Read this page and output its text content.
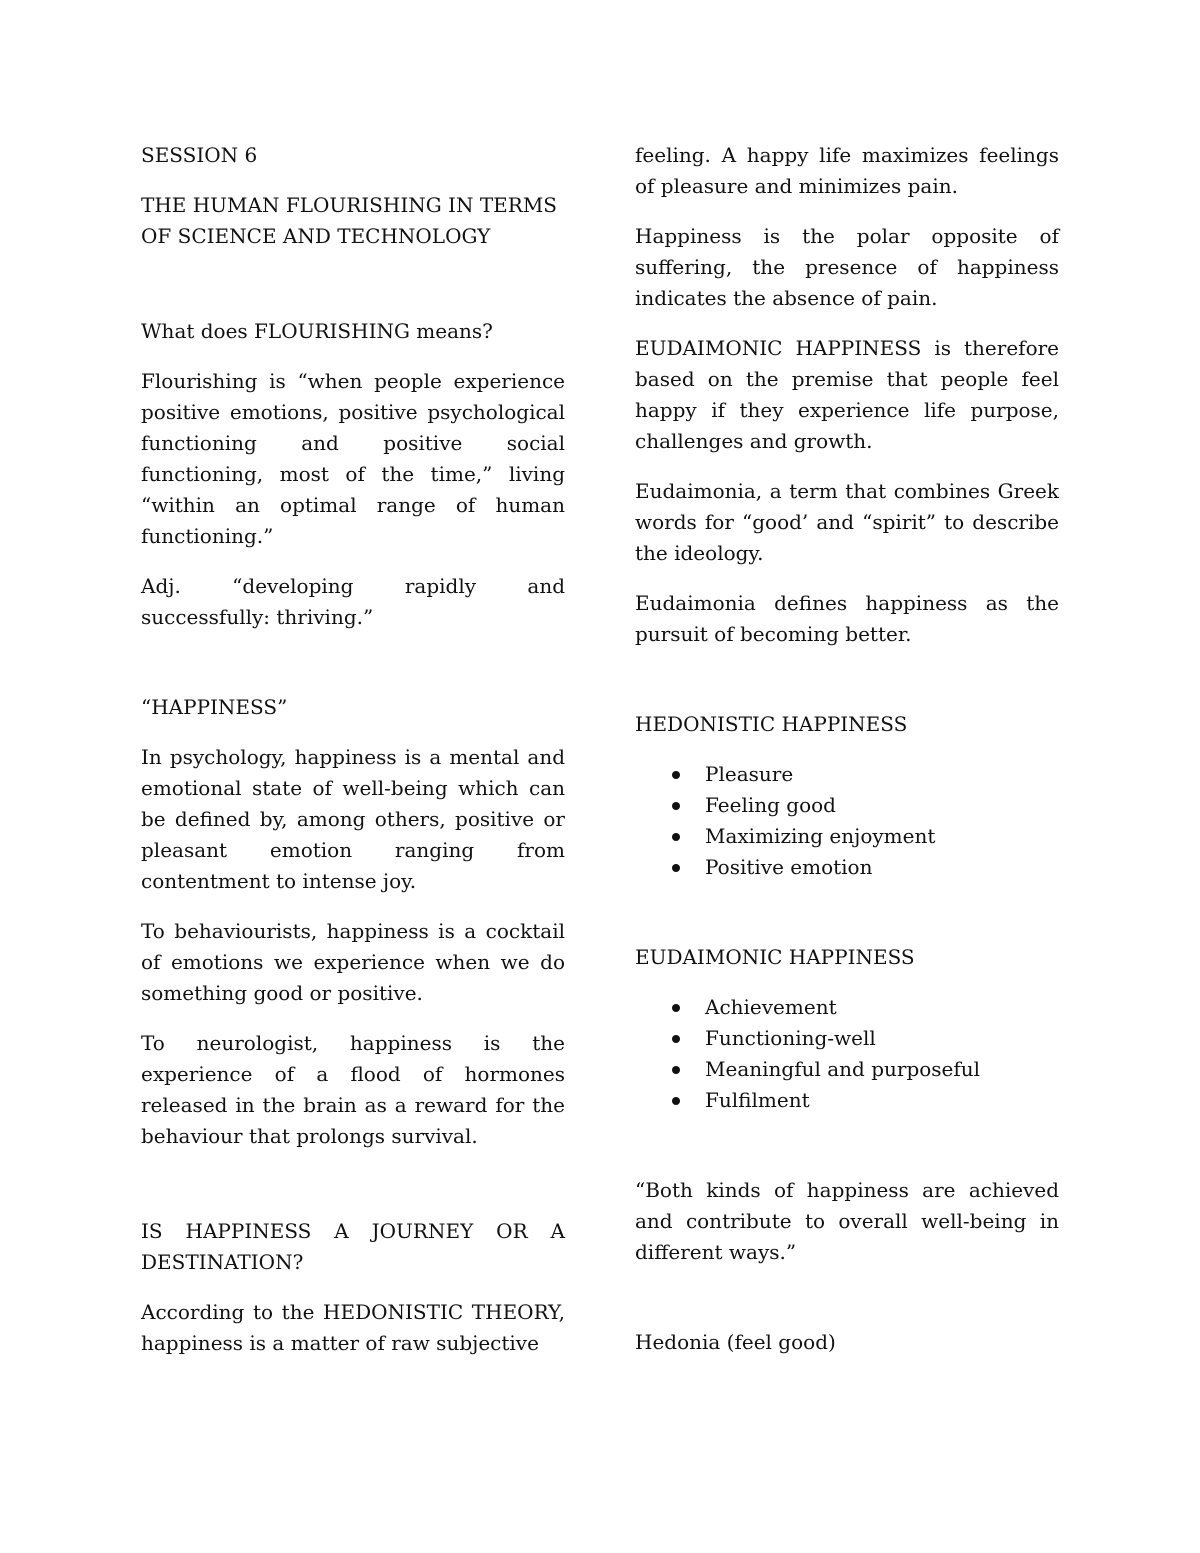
SESSION 6

THE HUMAN FLOURISHING IN TERMS OF SCIENCE AND TECHNOLOGY

What does FLOURISHING means?

Flourishing is “when people experience positive emotions, positive psychological functioning and positive social functioning, most of the time,” living “within an optimal range of human functioning.”

Adj. “developing rapidly and successfully: thriving.”

“HAPPINESS”

In psychology, happiness is a mental and emotional state of well-being which can be defined by, among others, positive or pleasant emotion ranging from contentment to intense joy.

To behaviourists, happiness is a cocktail of emotions we experience when we do something good or positive.

To neurologist, happiness is the experience of a flood of hormones released in the brain as a reward for the behaviour that prolongs survival.

IS HAPPINESS A JOURNEY OR A DESTINATION?

According to the HEDONISTIC THEORY, happiness is a matter of raw subjective

feeling. A happy life maximizes feelings of pleasure and minimizes pain.

Happiness is the polar opposite of suffering, the presence of happiness indicates the absence of pain.

EUDAIMONIC HAPPINESS is therefore based on the premise that people feel happy if they experience life purpose, challenges and growth.

Eudaimonia, a term that combines Greek words for “good’ and “spirit” to describe the ideology.

Eudaimonia defines happiness as the pursuit of becoming better.

HEDONISTIC HAPPINESS

Pleasure
Feeling good
Maximizing enjoyment
Positive emotion

EUDAIMONIC HAPPINESS

Achievement
Functioning-well
Meaningful and purposeful
Fulfilment

“Both kinds of happiness are achieved and contribute to overall well-being in different ways.”

Hedonia (feel good)
